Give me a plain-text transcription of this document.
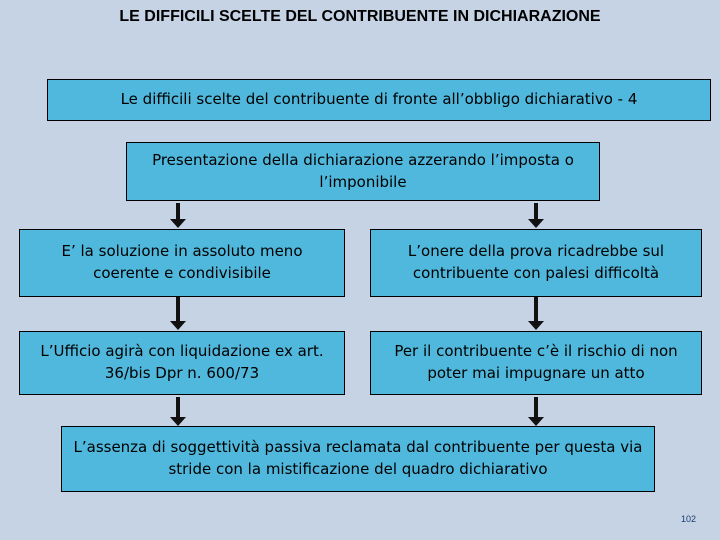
LE DIFFICILI SCELTE DEL CONTRIBUENTE IN DICHIARAZIONE
Le difficili scelte del contribuente di fronte all’obbligo dichiarativo - 4
Presentazione della dichiarazione azzerando l’imposta o l’imponibile
E’ la soluzione in assoluto meno coerente e condivisibile
L’onere della prova ricadrebbe sul contribuente con palesi difficoltà
L’Ufficio agirà con liquidazione ex art. 36/bis Dpr n. 600/73
Per il contribuente c’è il rischio di non poter mai impugnare un atto
L’assenza di soggettività passiva reclamata dal contribuente per questa via stride con la mistificazione del quadro dichiarativo
102
